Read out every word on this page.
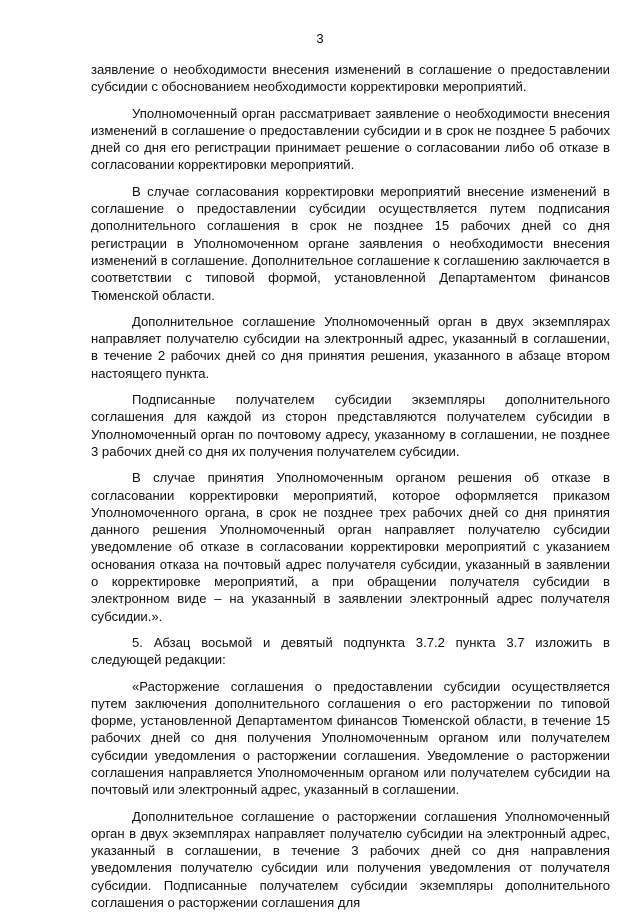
3

заявление о необходимости внесения изменений в соглашение о предоставлении субсидии с обоснованием необходимости корректировки мероприятий.

Уполномоченный орган рассматривает заявление о необходимости внесения изменений в соглашение о предоставлении субсидии и в срок не позднее 5 рабочих дней со дня его регистрации принимает решение о согласовании либо об отказе в согласовании корректировки мероприятий.

В случае согласования корректировки мероприятий внесение изменений в соглашение о предоставлении субсидии осуществляется путем подписания дополнительного соглашения в срок не позднее 15 рабочих дней со дня регистрации в Уполномоченном органе заявления о необходимости внесения изменений в соглашение. Дополнительное соглашение к соглашению заключается в соответствии с типовой формой, установленной Департаментом финансов Тюменской области.

Дополнительное соглашение Уполномоченный орган в двух экземплярах направляет получателю субсидии на электронный адрес, указанный в соглашении, в течение 2 рабочих дней со дня принятия решения, указанного в абзаце втором настоящего пункта.

Подписанные получателем субсидии экземпляры дополнительного соглашения для каждой из сторон представляются получателем субсидии в Уполномоченный орган по почтовому адресу, указанному в соглашении, не позднее 3 рабочих дней со дня их получения получателем субсидии.

В случае принятия Уполномоченным органом решения об отказе в согласовании корректировки мероприятий, которое оформляется приказом Уполномоченного органа, в срок не позднее трех рабочих дней со дня принятия данного решения Уполномоченный орган направляет получателю субсидии уведомление об отказе в согласовании корректировки мероприятий с указанием основания отказа на почтовый адрес получателя субсидии, указанный в заявлении о корректировке мероприятий, а при обращении получателя субсидии в электронном виде – на указанный в заявлении электронный адрес получателя субсидии.».

5. Абзац восьмой и девятый подпункта 3.7.2 пункта 3.7 изложить в следующей редакции:

«Расторжение соглашения о предоставлении субсидии осуществляется путем заключения дополнительного соглашения о его расторжении по типовой форме, установленной Департаментом финансов Тюменской области, в течение 15 рабочих дней со дня получения Уполномоченным органом или получателем субсидии уведомления о расторжении соглашения. Уведомление о расторжении соглашения направляется Уполномоченным органом или получателем субсидии на почтовый или электронный адрес, указанный в соглашении.

Дополнительное соглашение о расторжении соглашения Уполномоченный орган в двух экземплярах направляет получателю субсидии на электронный адрес, указанный в соглашении, в течение 3 рабочих дней со дня направления уведомления получателю субсидии или получения уведомления от получателя субсидии. Подписанные получателем субсидии экземпляры дополнительного соглашения о расторжении соглашения для
